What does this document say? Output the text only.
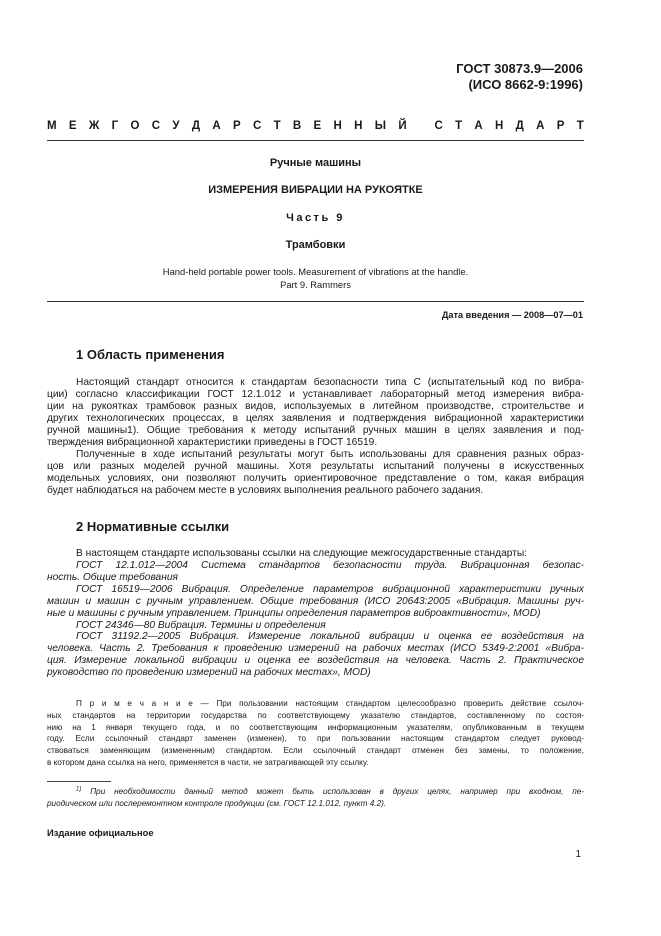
ГОСТ 30873.9—2006
(ИСО 8662-9:1996)
М Е Ж Г О С У Д А Р С Т В Е Н Н Ы Й
С Т А Н Д А Р Т
Ручные машины
ИЗМЕРЕНИЯ ВИБРАЦИИ НА РУКОЯТКЕ
Часть 9
Трамбовки
Hand-held portable power tools. Measurement of vibrations at the handle.
Part 9. Rammers
Дата введения — 2008—07—01
1 Область применения
Настоящий стандарт относится к стандартам безопасности типа С (испытательный код по вибра-
ции) согласно классификации ГОСТ 12.1.012 и устанавливает лабораторный метод измерения вибра-
ции на рукоятках трамбовок разных видов, используемых в литейном производстве, строительстве и
других технологических процессах, в целях заявления и подтверждения вибрационной характеристики
ручной машины1). Общие требования к методу испытаний ручных машин в целях заявления и под-
тверждения вибрационной характеристики приведены в ГОСТ 16519.
Полученные в ходе испытаний результаты могут быть использованы для сравнения разных образ-
цов или разных моделей ручной машины. Хотя результаты испытаний получены в искусственных
модельных условиях, они позволяют получить ориентировочное представление о том, какая вибрация
будет наблюдаться на рабочем месте в условиях выполнения реального рабочего задания.
2 Нормативные ссылки
В настоящем стандарте использованы ссылки на следующие межгосударственные стандарты:
ГОСТ 12.1.012—2004 Система стандартов безопасности труда. Вибрационная безопас-
ность. Общие требования
ГОСТ 16519—2006 Вибрация. Определение параметров вибрационной характеристики ручных
машин и машин с ручным управлением. Общие требования (ИСО 20643:2005 «Вибрация. Машины руч-
ные и машины с ручным управлением. Принципы определения параметров виброактивности», MOD)
ГОСТ 24346—80 Вибрация. Термины и определения
ГОСТ 31192.2—2005 Вибрация. Измерение локальной вибрации и оценка ее воздействия на
человека. Часть 2. Требования к проведению измерений на рабочих местах (ИСО 5349-2:2001 «Вибра-
ция. Измерение локальной вибрации и оценка ее воздействия на человека. Часть 2. Практическое
руководство по проведению измерений на рабочих местах», MOD)
П р и м е ч а н и е — При пользовании настоящим стандартом целесообразно проверить действие ссылоч-
ных стандартов на территории государства по соответствующему указателю стандартов, составленному по состоя-
нию на 1 января текущего года, и по соответствующим информационным указателям, опубликованным в текущем
году. Если ссылочный стандарт заменен (изменен), то при пользовании настоящим стандартом следует руковод-
ствоваться заменяющим (измененным) стандартом. Если ссылочный стандарт отменен без замены, то положение,
в котором дана ссылка на него, применяется в части, не затрагивающей эту ссылку.
$^{1)}$ При необходимости данный метод может быть использован в других целях, например при входном, пе-
риодическом или послеремонтном контроле продукции (см. ГОСТ 12.1.012, пункт 4.2).
Издание официальное
1
